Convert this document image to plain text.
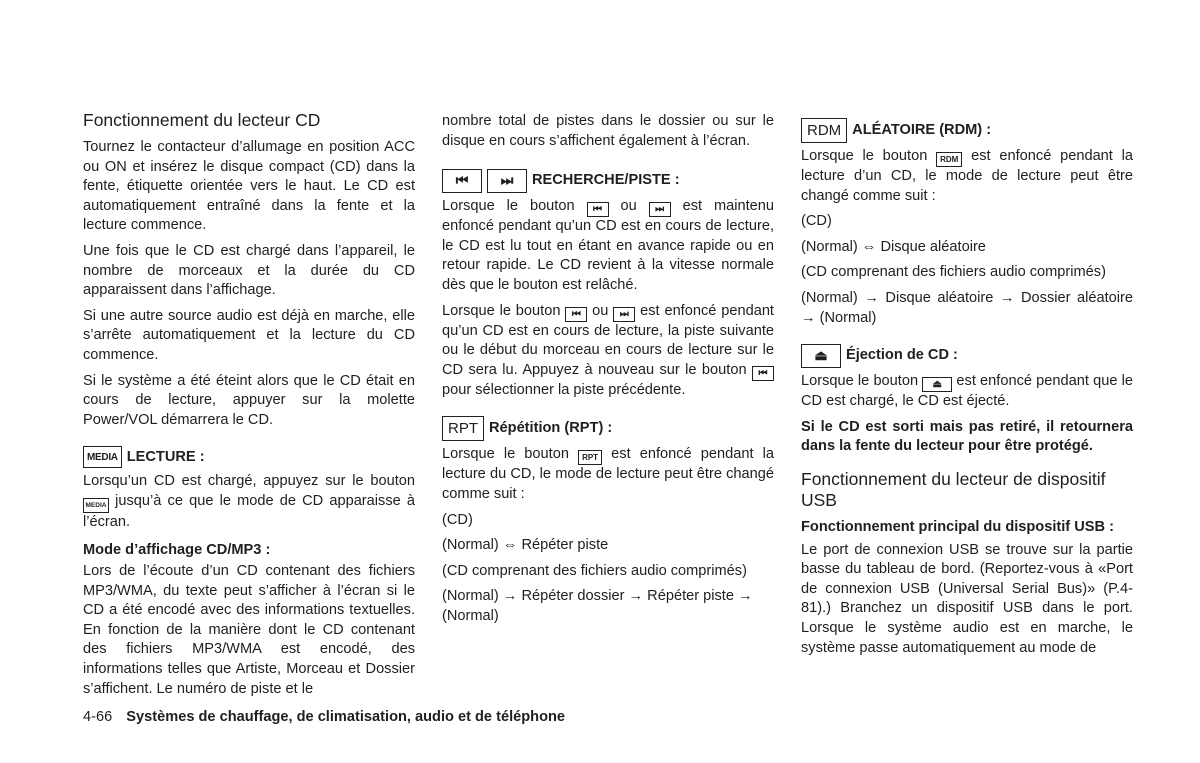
Fonctionnement du lecteur CD

Tournez le contacteur d’allumage en position ACC ou ON et insérez le disque compact (CD) dans la fente, étiquette orientée vers le haut. Le CD est automatiquement entraîné dans la fente et la lecture commence.

Une fois que le CD est chargé dans l’appareil, le nombre de morceaux et la durée du CD apparaissent dans l’affichage.

Si une autre source audio est déjà en marche, elle s’arrête automatiquement et la lecture du CD commence.

Si le système a été éteint alors que le CD était en cours de lecture, appuyer sur la molette Power/VOL démarrera le CD.

MEDIA LECTURE :

Lorsqu’un CD est chargé, appuyez sur le bouton MEDIA jusqu’à ce que le mode de CD apparaisse à l’écran.

Mode d’affichage CD/MP3 :

Lors de l’écoute d’un CD contenant des fichiers MP3/WMA, du texte peut s’afficher à l’écran si le CD a été encodé avec des informations textuelles. En fonction de la manière dont le CD contenant des fichiers MP3/WMA est encodé, des informations telles que Artiste, Morceau et Dossier s’affichent. Le numéro de piste et le

nombre total de pistes dans le dossier ou sur le disque en cours s’affichent également à l’écran.

⏮	⏭	RECHERCHE/PISTE :

Lorsque le bouton ⏮ ou ⏭ est maintenu enfoncé pendant qu’un CD est en cours de lecture, le CD est lu tout en étant en avance rapide ou en retour rapide. Le CD revient à la vitesse normale dès que le bouton est relâché.

Lorsque le bouton ⏮ ou ⏭ est enfoncé pendant qu’un CD est en cours de lecture, la piste suivante ou le début du morceau en cours de lecture sur le CD sera lu. Appuyez à nouveau sur le bouton ⏮ pour sélectionner la piste précédente.

RPT Répétition (RPT) :

Lorsque le bouton RPT est enfoncé pendant la lecture du CD, le mode de lecture peut être changé comme suit :

(CD)

(Normal) ⇔ Répéter piste

(CD comprenant des fichiers audio comprimés)

(Normal) → Répéter dossier → Répéter piste → (Normal)

RDM ALÉATOIRE (RDM) :

Lorsque le bouton RDM est enfoncé pendant la lecture d’un CD, le mode de lecture peut être changé comme suit :

(CD)

(Normal) ⇔ Disque aléatoire

(CD comprenant des fichiers audio comprimés)

(Normal) → Disque aléatoire → Dossier aléatoire → (Normal)

⏏	Éjection de CD :

Lorsque le bouton ⏏ est enfoncé pendant que le CD est chargé, le CD est éjecté.

Si le CD est sorti mais pas retiré, il retournera dans la fente du lecteur pour être protégé.

Fonctionnement du lecteur de dispositif USB
Fonctionnement principal du dispositif USB :

Le port de connexion USB se trouve sur la partie basse du tableau de bord. (Reportez-vous à «Port de connexion USB (Universal Serial Bus)» (P.4-81).) Branchez un dispositif USB dans le port. Lorsque le système audio est en marche, le système passe automatiquement au mode de

4-66 Systèmes de chauffage, de climatisation, audio et de téléphone
